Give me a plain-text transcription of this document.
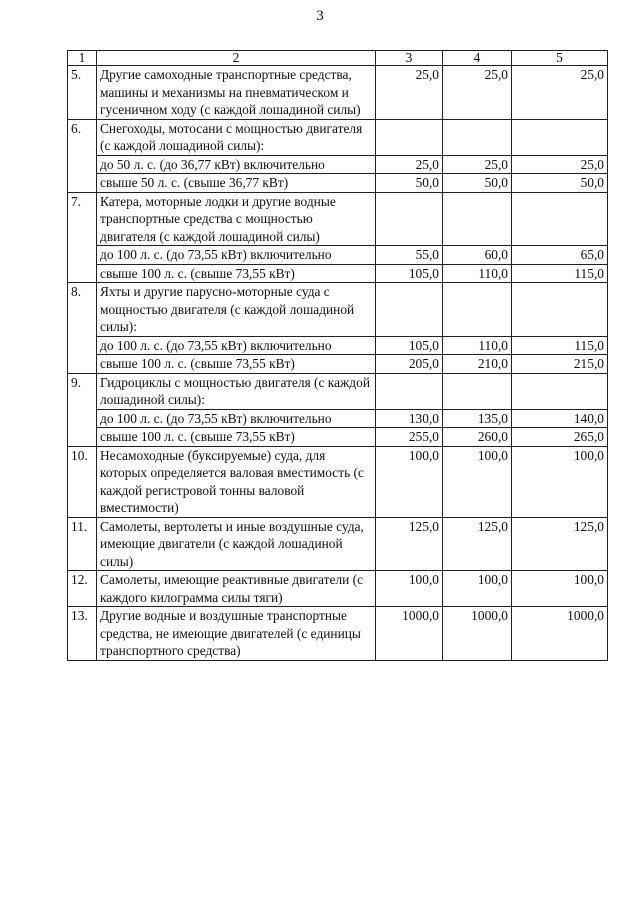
3
1	2	3	4	5
5.	Другие самоходные транспортные средства, машины и механизмы на пневматическом и гусеничном ходу (с каждой лошадиной силы)	25,0	25,0	25,0
6.	Снегоходы, мотосани с мощностью двигателя (с каждой лошадиной силы):			
	до 50 л. с. (до 36,77 кВт) включительно	25,0	25,0	25,0
	свыше 50 л. с. (свыше 36,77 кВт)	50,0	50,0	50,0
7.	Катера, моторные лодки и другие водные транспортные средства с мощностью двигателя (с каждой лошадиной силы)			
	до 100 л. с. (до 73,55 кВт) включительно	55,0	60,0	65,0
	свыше 100 л. с. (свыше 73,55 кВт)	105,0	110,0	115,0
8.	Яхты и другие парусно-моторные суда с мощностью двигателя (с каждой лошадиной силы):			
	до 100 л. с. (до 73,55 кВт) включительно	105,0	110,0	115,0
	свыше 100 л. с. (свыше 73,55 кВт)	205,0	210,0	215,0
9.	Гидроциклы с мощностью двигателя (с каждой лошадиной силы):			
	до 100 л. с. (до 73,55 кВт) включительно	130,0	135,0	140,0
	свыше 100 л. с. (свыше 73,55 кВт)	255,0	260,0	265,0
10.	Несамоходные (буксируемые) суда, для которых определяется валовая вместимость (с каждой регистровой тонны валовой вместимости)	100,0	100,0	100,0
11.	Самолеты, вертолеты и иные воздушные суда, имеющие двигатели (с каждой лошадиной силы)	125,0	125,0	125,0
12.	Самолеты, имеющие реактивные двигатели (с каждого килограмма силы тяги)	100,0	100,0	100,0
13.	Другие водные и воздушные транспортные средства, не имеющие двигателей (с единицы транспортного средства)	1000,0	1000,0	1000,0
